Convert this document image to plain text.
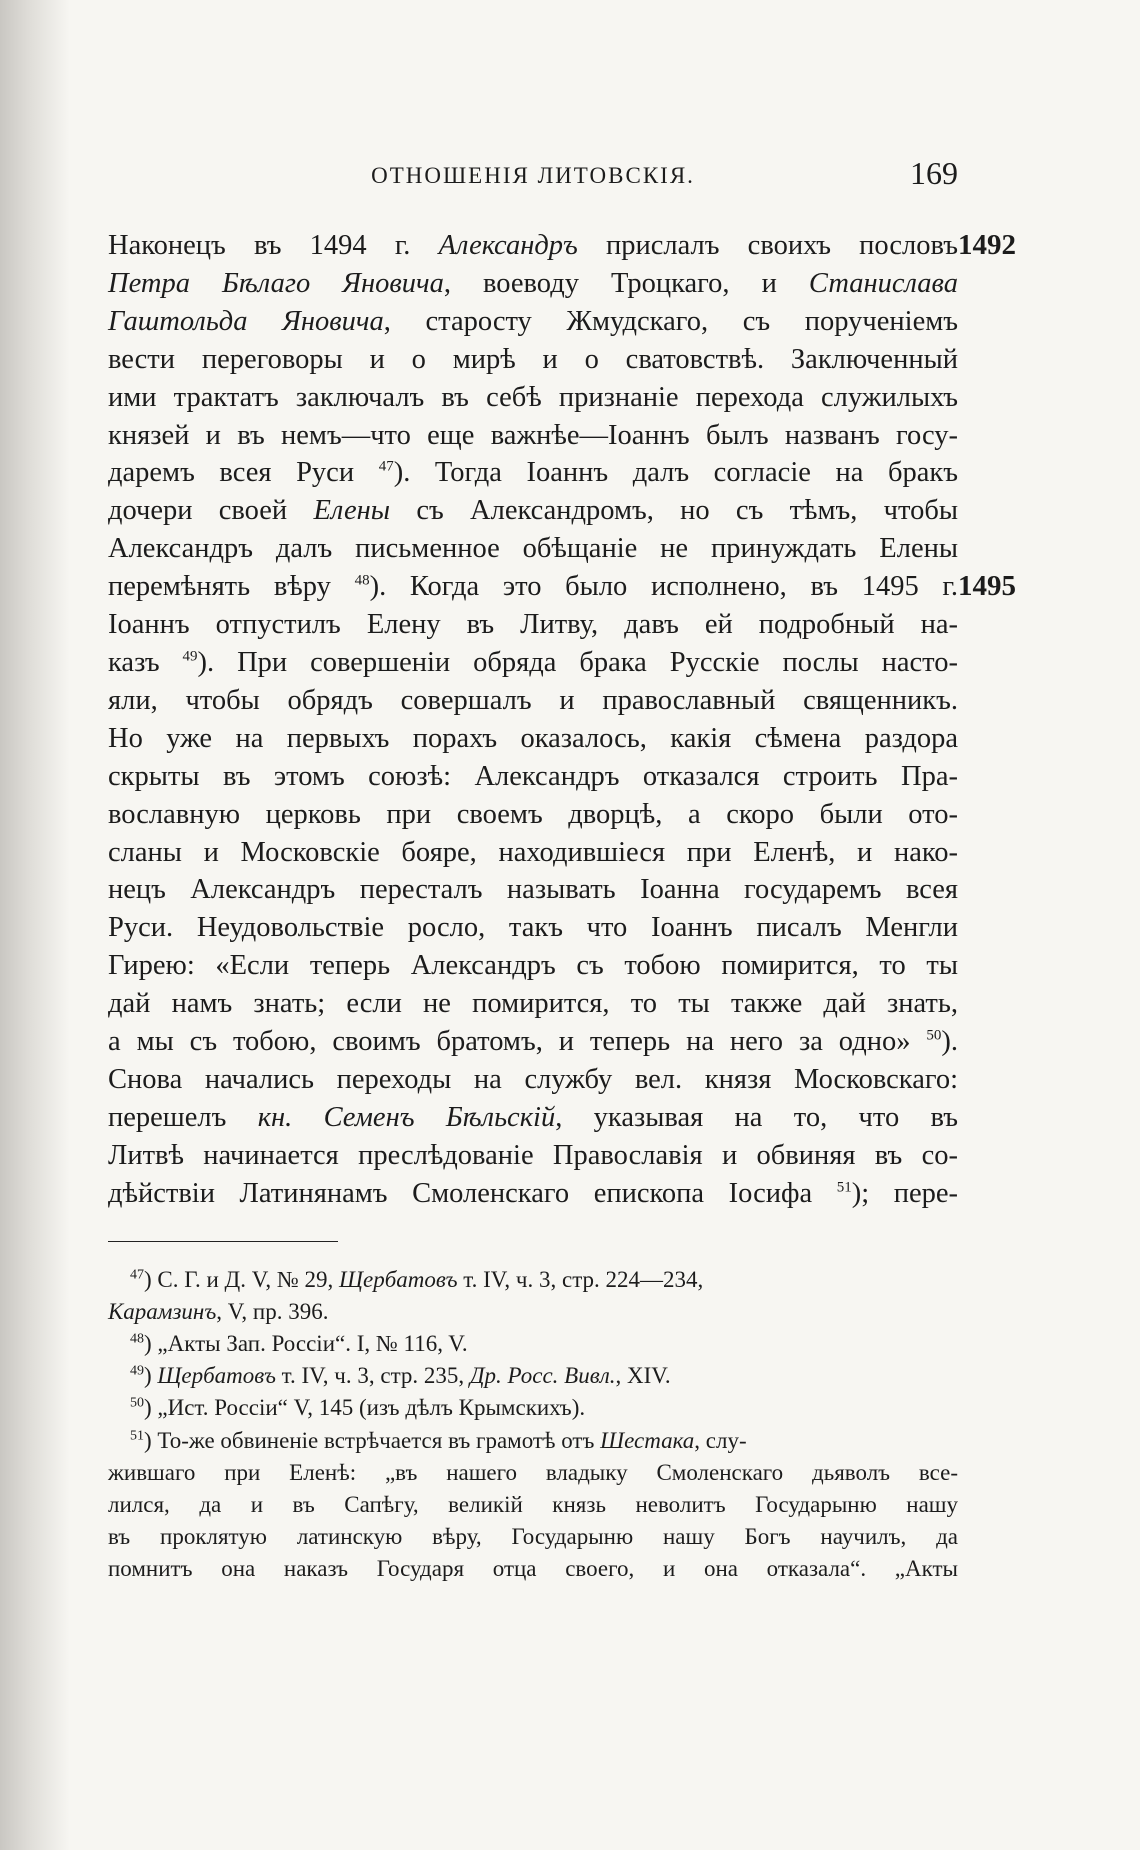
ОТНОШЕНІЯ ЛИТОВСКІЯ.	169

Наконецъ въ 1494 г. Александръ прислалъ своихъ пословъ
Петра Бѣлаго Яновича, воеводу Троцкаго, и Станислава
Гаштольда Яновича, старосту Жмудскаго, съ порученіемъ
вести переговоры и о мирѣ и о сватовствѣ. Заключенный
ими трактатъ заключалъ въ себѣ признаніе перехода служилыхъ
князей и въ немъ—что еще важнѣе—Іоаннъ былъ названъ госу-
даремъ всея Руси $^{47}$). Тогда Іоаннъ далъ согласіе на бракъ
дочери своей Елены съ Александромъ, но съ тѣмъ, чтобы
Александръ далъ письменное обѣщаніе не принуждать Елены
перемѣнять вѣру $^{48}$). Когда это было исполнено, въ 1495 г.
Іоаннъ отпустилъ Елену въ Литву, давъ ей подробный на-
казъ $^{49}$). При совершеніи обряда брака Русскіе послы насто-
яли, чтобы обрядъ совершалъ и православный священникъ.
Но уже на первыхъ порахъ оказалось, какія сѣмена раздора
скрыты въ этомъ союзѣ: Александръ отказался строить Пра-
вославную церковь при своемъ дворцѣ, а скоро были ото-
сланы и Московскіе бояре, находившіеся при Еленѣ, и нако-
нецъ Александръ пересталъ называть Іоанна государемъ всея
Руси. Неудовольствіе росло, такъ что Іоаннъ писалъ Менгли
Гирею: «Если теперь Александръ съ тобою помирится, то ты
дай намъ знать; если не помирится, то ты также дай знать,
а мы съ тобою, своимъ братомъ, и теперь на него за одно» $^{50}$).
Снова начались переходы на службу вел. князя Московскаго:
перешелъ кн. Семенъ Бѣльскій, указывая на то, что въ
Литвѣ начинается преслѣдованіе Православія и обвиняя въ со-
дѣйствіи Латинянамъ Смоленскаго епископа Іосифа $^{51}$); пере-

1492
1495

$^{47}$) С. Г. и Д. V, № 29, Щербатовъ т. IV, ч. 3, стр. 224—234,

Карамзинъ, V, пр. 396.

$^{48}$) „Акты Зап. Россіи“. I, № 116, V.

$^{49}$) Щербатовъ т. IV, ч. 3, стр. 235, Др. Росс. Вивл., XIV.

$^{50}$) „Ист. Россіи“ V, 145 (изъ дѣлъ Крымскихъ).

$^{51}$) То-же обвиненіе встрѣчается въ грамотѣ отъ Шестака, слу-

жившаго при Еленѣ: „въ нашего владыку Смоленскаго дьяволъ все-

лился, да и въ Сапѣгу, великій князь неволитъ Государыню нашу

въ проклятую латинскую вѣру, Государыню нашу Богъ научилъ, да

помнитъ она наказъ Государя отца своего, и она отказала“. „Акты
